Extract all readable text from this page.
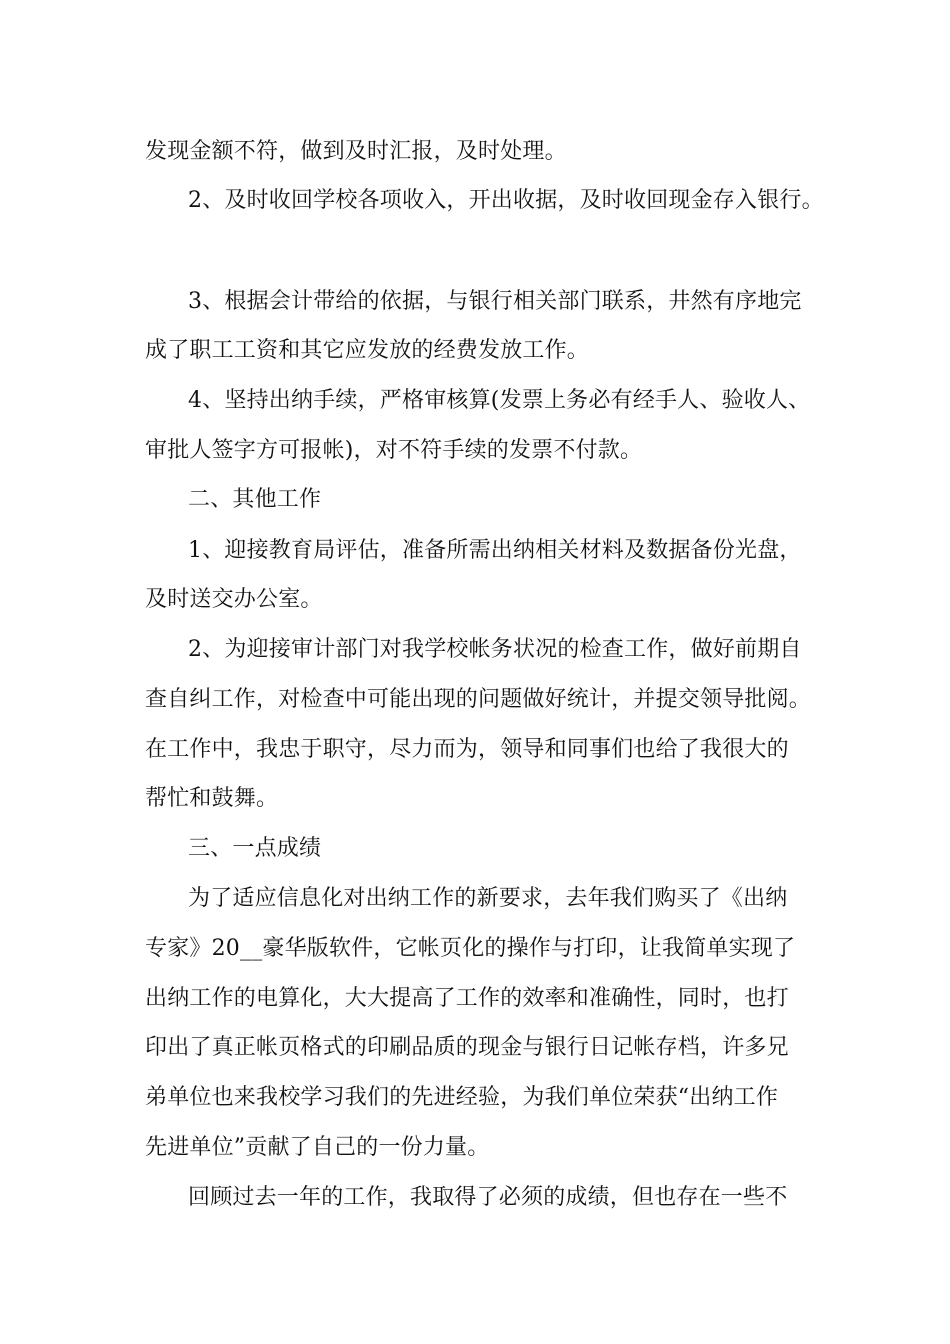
发现金额不符，做到及时汇报，及时处理。
2、及时收回学校各项收入，开出收据，及时收回现金存入银行。
3、根据会计带给的依据，与银行相关部门联系，井然有序地完
成了职工工资和其它应发放的经费发放工作。
4、坚持出纳手续，严格审核算(发票上务必有经手人、验收人、
审批人签字方可报帐)，对不符手续的发票不付款。
二、其他工作
1、迎接教育局评估，准备所需出纳相关材料及数据备份光盘，
及时送交办公室。
2、为迎接审计部门对我学校帐务状况的检查工作，做好前期自
查自纠工作，对检查中可能出现的问题做好统计，并提交领导批阅。
在工作中，我忠于职守，尽力而为，领导和同事们也给了我很大的
帮忙和鼓舞。
三、一点成绩
为了适应信息化对出纳工作的新要求，去年我们购买了《出纳
专家》20__豪华版软件，它帐页化的操作与打印，让我简单实现了
出纳工作的电算化，大大提高了工作的效率和准确性，同时，也打
印出了真正帐页格式的印刷品质的现金与银行日记帐存档，许多兄
弟单位也来我校学习我们的先进经验，为我们单位荣获“出纳工作
先进单位”贡献了自己的一份力量。
回顾过去一年的工作，我取得了必须的成绩，但也存在一些不
